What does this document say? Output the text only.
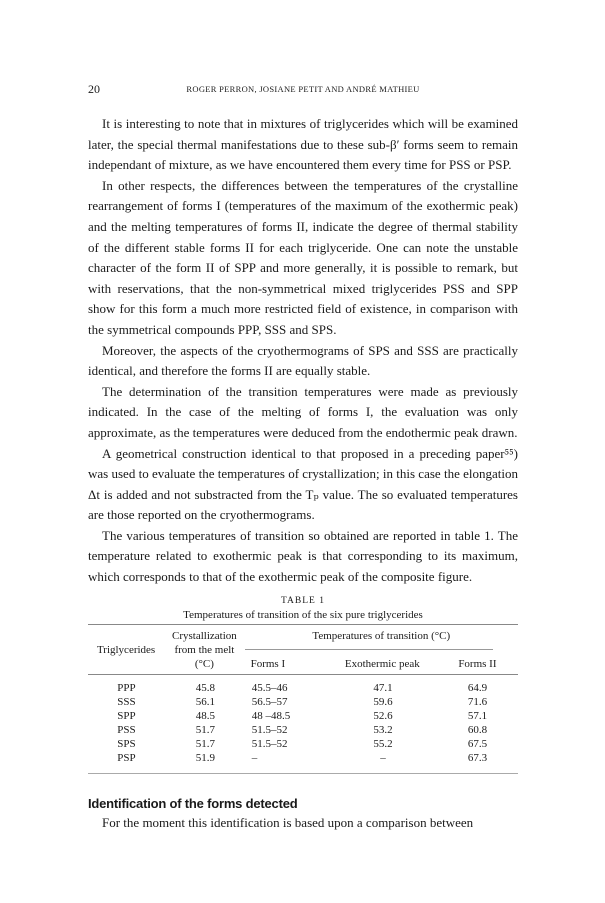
20	ROGER PERRON, JOSIANE PETIT AND ANDRÉ MATHIEU

It is interesting to note that in mixtures of triglycerides which will be examined later, the special thermal manifestations due to these sub-β′ forms seem to remain independant of mixture, as we have encountered them every time for PSS or PSP.

In other respects, the differences between the temperatures of the crystalline rearrangement of forms I (temperatures of the maximum of the exothermic peak) and the melting temperatures of forms II, indicate the degree of thermal stability of the different stable forms II for each triglyceride. One can note the unstable character of the form II of SPP and more generally, it is possible to remark, but with reservations, that the non-symmetrical mixed triglycerides PSS and SPP show for this form a much more restricted field of existence, in comparison with the symmetrical compounds PPP, SSS and SPS.

Moreover, the aspects of the cryothermograms of SPS and SSS are practically identical, and therefore the forms II are equally stable.

The determination of the transition temperatures were made as previously indicated. In the case of the melting of forms I, the evaluation was only approximate, as the temperatures were deduced from the endothermic peak drawn.

A geometrical construction identical to that proposed in a preceding paper⁵⁵) was used to evaluate the temperatures of crystallization; in this case the elongation Δt is added and not substracted from the Tₚ value. The so evaluated temperatures are those reported on the cryothermograms.

The various temperatures of transition so obtained are reported in table 1. The temperature related to exothermic peak is that corresponding to its maximum, which corresponds to that of the exothermic peak of the composite figure.

TABLE 1
Temperatures of transition of the six pure triglycerides
Triglycerides	Crystallization	Temperatures of transition (°C)		
	from the melt			

	(°C)	Forms I	Exothermic peak	Forms II
PPP	45.8	45.5–46	47.1	64.9
SSS	56.1	56.5–57	59.6	71.6
SPP	48.5	48 –48.5	52.6	57.1
PSS	51.7	51.5–52	53.2	60.8
SPS	51.7	51.5–52	55.2	67.5
PSP	51.9	–	–	67.3
Identification of the forms detected

For the moment this identification is based upon a comparison between
